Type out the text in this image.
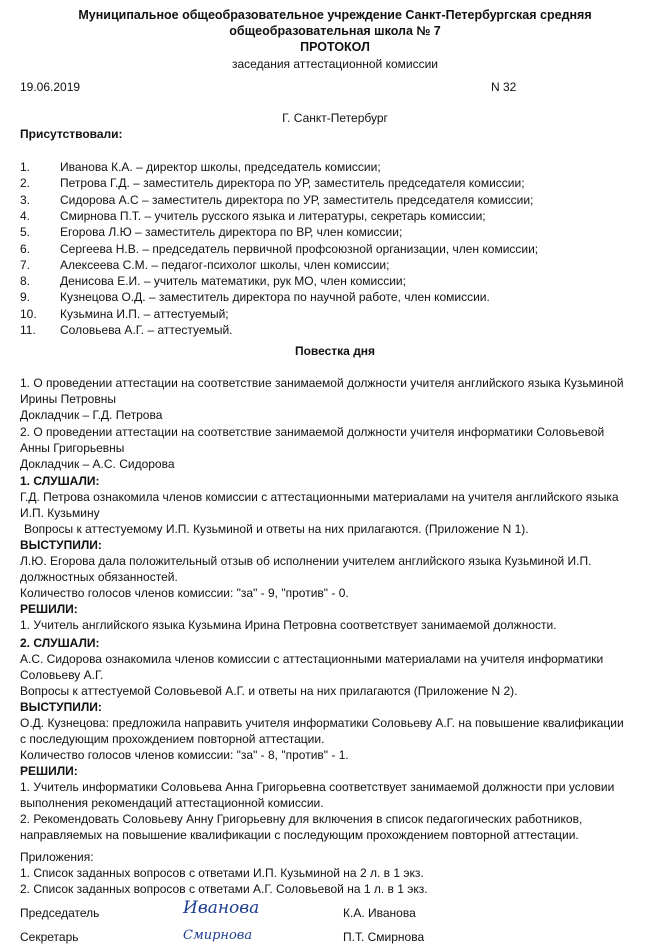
Муниципальное общеобразовательное учреждение Санкт-Петербургская средняя
общеобразовательная школа № 7
ПРОТОКОЛ
заседания аттестационной комиссии
19.06.2019	N 32
Г. Санкт-Петербург
Присутствовали:
1. Иванова К.А. – директор школы, председатель комиссии;
2. Петрова Г.Д. – заместитель директора по УР, заместитель председателя комиссии;
3. Сидорова А.С – заместитель директора по УР, заместитель председателя комиссии;
4. Смирнова П.Т. – учитель русского языка и литературы, секретарь комиссии;
5. Егорова Л.Ю – заместитель директора по ВР, член комиссии;
6. Сергеева Н.В. – председатель первичной профсоюзной организации, член комиссии;
7. Алексеева С.М. – педагог-психолог школы, член комиссии;
8. Денисова Е.И. – учитель математики, рук МО, член комиссии;
9. Кузнецова О.Д. – заместитель директора по научной работе, член комиссии.
10. Кузьмина И.П. – аттестуемый;
11. Соловьева А.Г. – аттестуемый.
Повестка дня
1. О проведении аттестации на соответствие занимаемой должности учителя английского языка Кузьминой
Ирины Петровны
Докладчик – Г.Д. Петрова
2. О проведении аттестации на соответствие занимаемой должности учителя информатики Соловьевой
Анны Григорьевны
Докладчик – А.С. Сидорова
1. СЛУШАЛИ:
Г.Д. Петрова ознакомила членов комиссии с аттестационными материалами на учителя английского языка
И.П. Кузьмину
Вопросы к аттестуемому И.П. Кузьминой и ответы на них прилагаются. (Приложение N 1).
ВЫСТУПИЛИ:
Л.Ю. Егорова дала положительный отзыв об исполнении учителем английского языка Кузьминой И.П.
должностных обязанностей.
Количество голосов членов комиссии: "за" - 9, "против" - 0.
РЕШИЛИ:
1. Учитель английского языка Кузьмина Ирина Петровна соответствует занимаемой должности.
2. СЛУШАЛИ:
А.С. Сидорова ознакомила членов комиссии с аттестационными материалами на учителя информатики
Соловьеву А.Г.
Вопросы к аттестуемой Соловьевой А.Г. и ответы на них прилагаются (Приложение N 2).
ВЫСТУПИЛИ:
О.Д. Кузнецова: предложила направить учителя информатики Соловьеву А.Г. на повышение квалификации
с последующим прохождением повторной аттестации.
Количество голосов членов комиссии: "за" - 8, "против" - 1.
РЕШИЛИ:
1. Учитель информатики Соловьева Анна Григорьевна соответствует занимаемой должности при условии
выполнения рекомендаций аттестационной комиссии.
2. Рекомендовать Соловьеву Анну Григорьевну для включения в список педагогических работников,
направляемых на повышение квалификации с последующим прохождением повторной аттестации.
Приложения:
1. Список заданных вопросов с ответами И.П. Кузьминой на 2 л. в 1 экз.
2. Список заданных вопросов с ответами А.Г. Соловьевой на 1 л. в 1 экз.
Председатель	Иванова	К.А. Иванова
Секретарь	Смирнова	П.Т. Смирнова
